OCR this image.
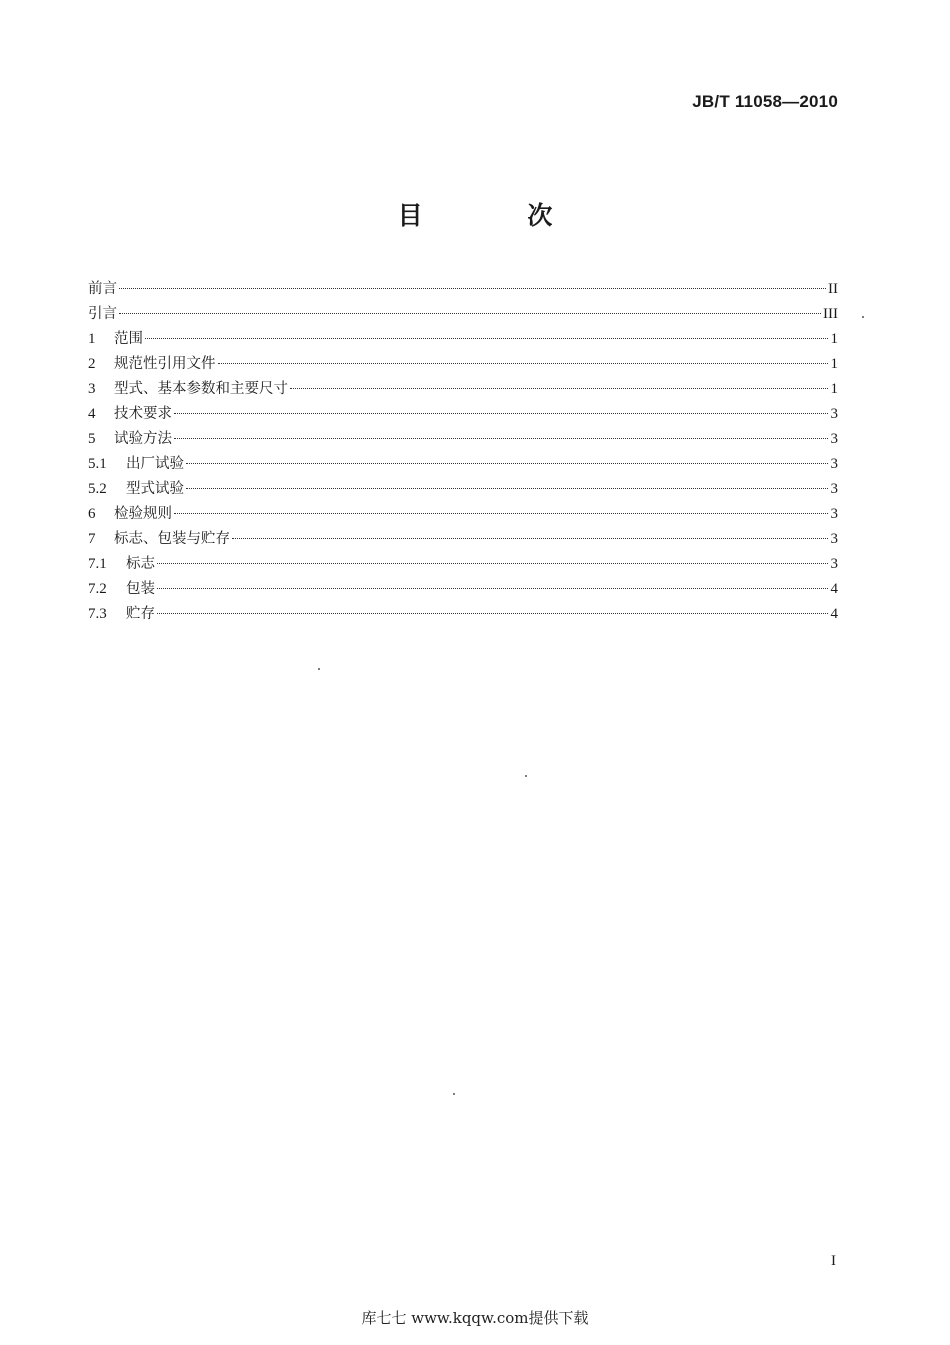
JB/T 11058—2010
目 次
前言	II
引言	III
1	范围	1
2	规范性引用文件	1
3	型式、基本参数和主要尺寸	1
4	技术要求	3
5	试验方法	3
5.1	出厂试验	3
5.2	型式试验	3
6	检验规则	3
7	标志、包装与贮存	3
7.1	标志	3
7.2	包装	4
7.3	贮存	4
I
库七七 www.kqqw.com提供下载
